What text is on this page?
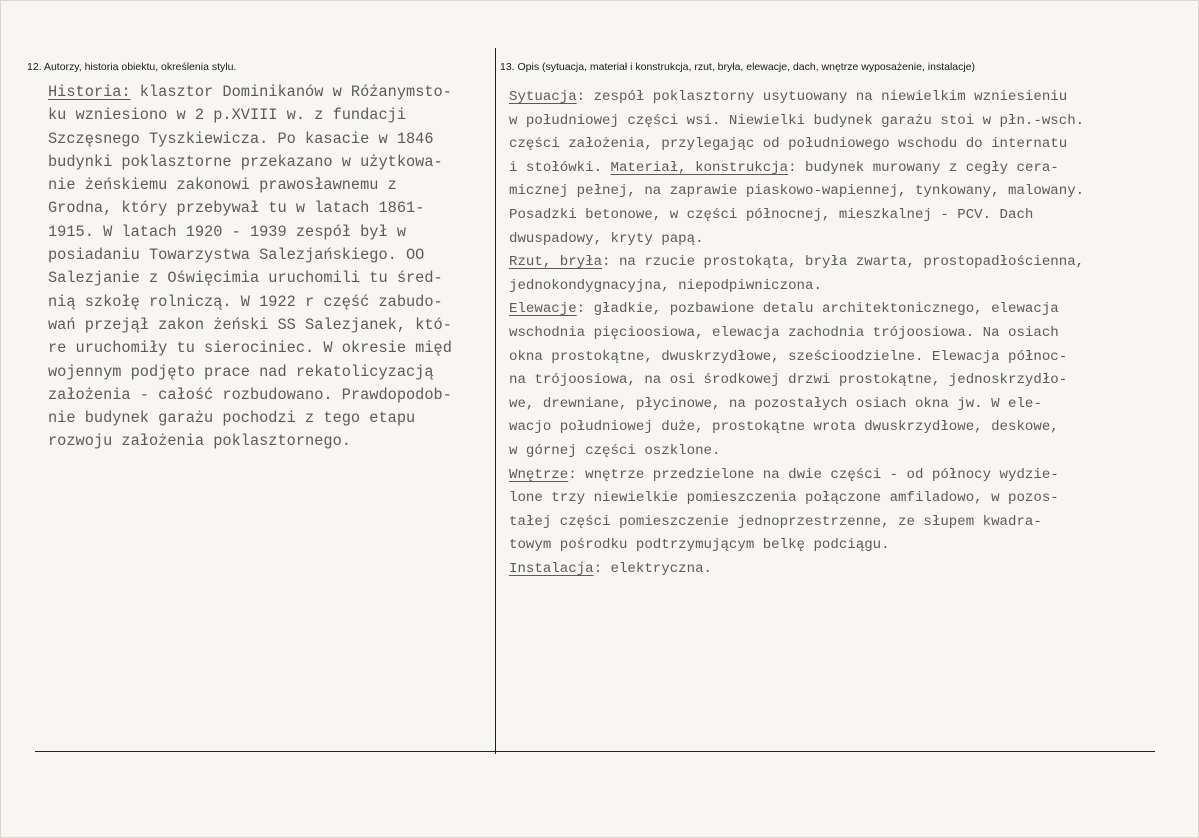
12. Autorzy, historia obiektu, określenia stylu.	13. Opis (sytuacja, materiał i konstrukcja, rzut, bryła, elewacje, dach, wnętrze wyposażenie, instalacje)
Historia: klasztor Dominikanów w Różanymsto-
ku wzniesiono w 2 p.XVIII w. z fundacji
Szczęsnego Tyszkiewicza. Po kasacie w 1846
budynki poklasztorne przekazano w użytkowa-
nie żeńskiemu zakonowi prawosławnemu z
Grodna, który przebywał tu w latach 1861-
1915. W latach 1920 - 1939 zespół był w
posiadaniu Towarzystwa Salezjańskiego. OO
Salezjanie z Oświęcimia uruchomili tu śred-
nią szkołę rolniczą. W 1922 r część zabudo-
wań przejął zakon żeński SS Salezjanek, któ-
re uruchomiły tu sierociniec. W okresie międ
wojennym podjęto prace nad rekatolicyzacją
założenia - całość rozbudowano. Prawdopodob-
nie budynek garażu pochodzi z tego etapu
rozwoju założenia poklasztornego.
Sytuacja: zespół poklasztorny usytuowany na niewielkim wzniesieniu
w południowej części wsi. Niewielki budynek garażu stoi w płn.-wsch.
części założenia, przylegając od południowego wschodu do internatu
i stołówki. Materiał, konstrukcja: budynek murowany z cegły cera-
micznej pełnej, na zaprawie piaskowo-wapiennej, tynkowany, malowany.
Posadzki betonowe, w części północnej, mieszkalnej - PCV. Dach
dwuspadowy, kryty papą.
Rzut, bryła: na rzucie prostokąta, bryła zwarta, prostopadłościenna,
jednokondygnacyjna, niepodpiwniczona.
Elewacje: gładkie, pozbawione detalu architektonicznego, elewacja
wschodnia pięcioosiowa, elewacja zachodnia trójoosiowa. Na osiach
okna prostokątne, dwuskrzydłowe, sześcioodzielne. Elewacja północ-
na trójoosiowa, na osi środkowej drzwi prostokątne, jednoskrzydło-
we, drewniane, płycinowe, na pozostałych osiach okna jw. W ele-
wacjo południowej duże, prostokątne wrota dwuskrzydłowe, deskowe,
w górnej części oszklone.
Wnętrze: wnętrze przedzielone na dwie części - od północy wydzie-
lone trzy niewielkie pomieszczenia połączone amfiladowo, w pozos-
tałej części pomieszczenie jednoprzestrzenne, ze słupem kwadra-
towym pośrodku podtrzymującym belkę podciągu.
Instalacja: elektryczna.
